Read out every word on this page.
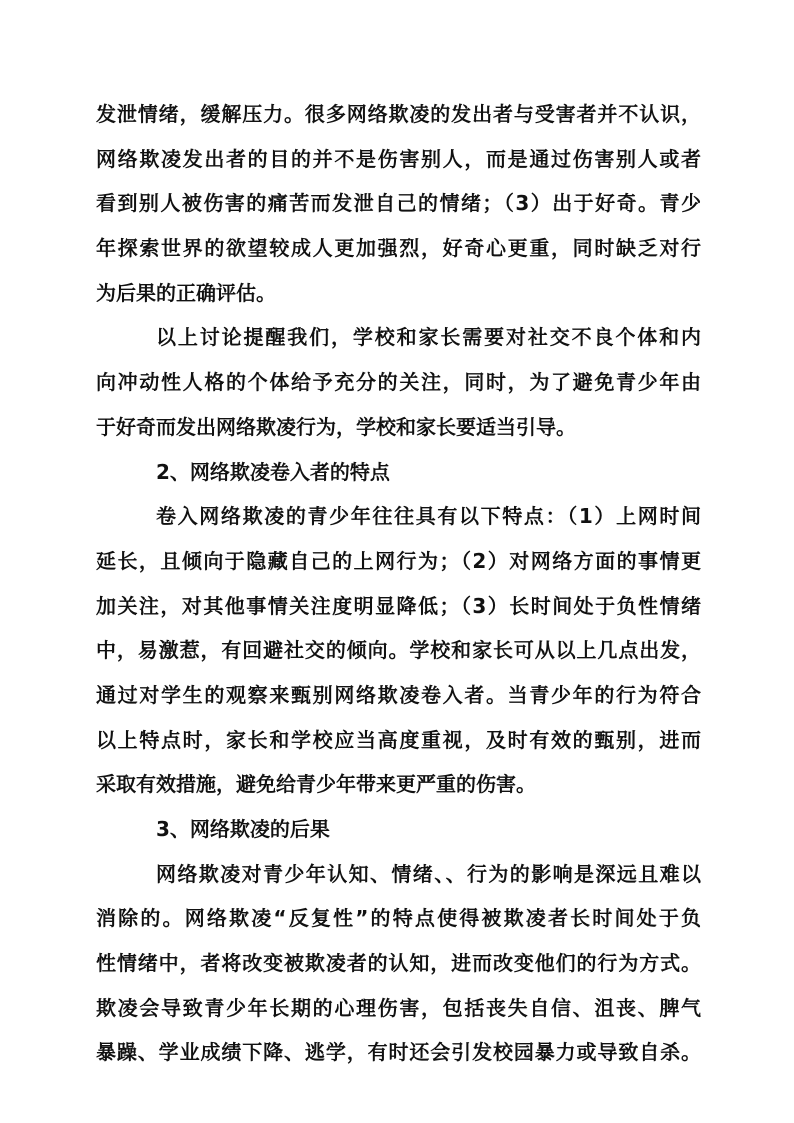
发泄情绪，缓解压力。很多网络欺凌的发出者与受害者并不认识，
网络欺凌发出者的目的并不是伤害别人，而是通过伤害别人或者
看到别人被伤害的痛苦而发泄自己的情绪；（3）出于好奇。青少
年探索世界的欲望较成人更加强烈，好奇心更重，同时缺乏对行
为后果的正确评估。
以上讨论提醒我们，学校和家长需要对社交不良个体和内
向冲动性人格的个体给予充分的关注，同时，为了避免青少年由
于好奇而发出网络欺凌行为，学校和家长要适当引导。
2、网络欺凌卷入者的特点
卷入网络欺凌的青少年往往具有以下特点：（1）上网时间
延长，且倾向于隐藏自己的上网行为；（2）对网络方面的事情更
加关注，对其他事情关注度明显降低；（3）长时间处于负性情绪
中，易激惹，有回避社交的倾向。学校和家长可从以上几点出发，
通过对学生的观察来甄别网络欺凌卷入者。当青少年的行为符合
以上特点时，家长和学校应当高度重视，及时有效的甄别，进而
采取有效措施，避免给青少年带来更严重的伤害。
3、网络欺凌的后果
网络欺凌对青少年认知、情绪、、行为的影响是深远且难以
消除的。网络欺凌“反复性”的特点使得被欺凌者长时间处于负
性情绪中，者将改变被欺凌者的认知，进而改变他们的行为方式。
欺凌会导致青少年长期的心理伤害，包括丧失自信、沮丧、脾气
暴躁、学业成绩下降、逃学，有时还会引发校园暴力或导致自杀。
